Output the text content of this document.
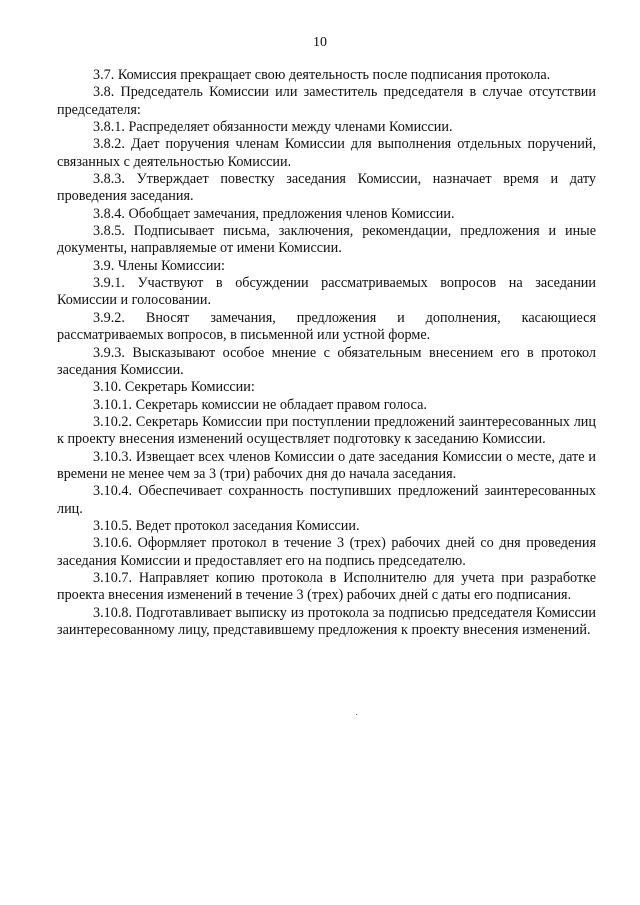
10

3.7. Комиссия прекращает свою деятельность после подписания протокола.

3.8. Председатель Комиссии или заместитель председателя в случае отсутствии председателя:

3.8.1. Распределяет обязанности между членами Комиссии.

3.8.2. Дает поручения членам Комиссии для выполнения отдельных поручений, связанных с деятельностью Комиссии.

3.8.3. Утверждает повестку заседания Комиссии, назначает время и дату проведения заседания.

3.8.4. Обобщает замечания, предложения членов Комиссии.

3.8.5. Подписывает письма, заключения, рекомендации, предложения и иные документы, направляемые от имени Комиссии.

3.9. Члены Комиссии:

3.9.1. Участвуют в обсуждении рассматриваемых вопросов на заседании Комиссии и голосовании.

3.9.2. Вносят замечания, предложения и дополнения, касающиеся рассматриваемых вопросов, в письменной или устной форме.

3.9.3. Высказывают особое мнение с обязательным внесением его в протокол заседания Комиссии.

3.10. Секретарь Комиссии:

3.10.1. Секретарь комиссии не обладает правом голоса.

3.10.2. Секретарь Комиссии при поступлении предложений заинтересованных лиц к проекту внесения изменений осуществляет подготовку к заседанию Комиссии.

3.10.3. Извещает всех членов Комиссии о дате заседания Комиссии о месте, дате и времени не менее чем за 3 (три) рабочих дня до начала заседания.

3.10.4. Обеспечивает сохранность поступивших предложений заинтересованных лиц.

3.10.5. Ведет протокол заседания Комиссии.

3.10.6. Оформляет протокол в течение 3 (трех) рабочих дней со дня проведения заседания Комиссии и предоставляет его на подпись председателю.

3.10.7. Направляет копию протокола в Исполнителю для учета при разработке проекта внесения изменений в течение 3 (трех) рабочих дней с даты его подписания.

3.10.8. Подготавливает выписку из протокола за подписью председателя Комиссии заинтересованному лицу, представившему предложения к проекту внесения изменений.
